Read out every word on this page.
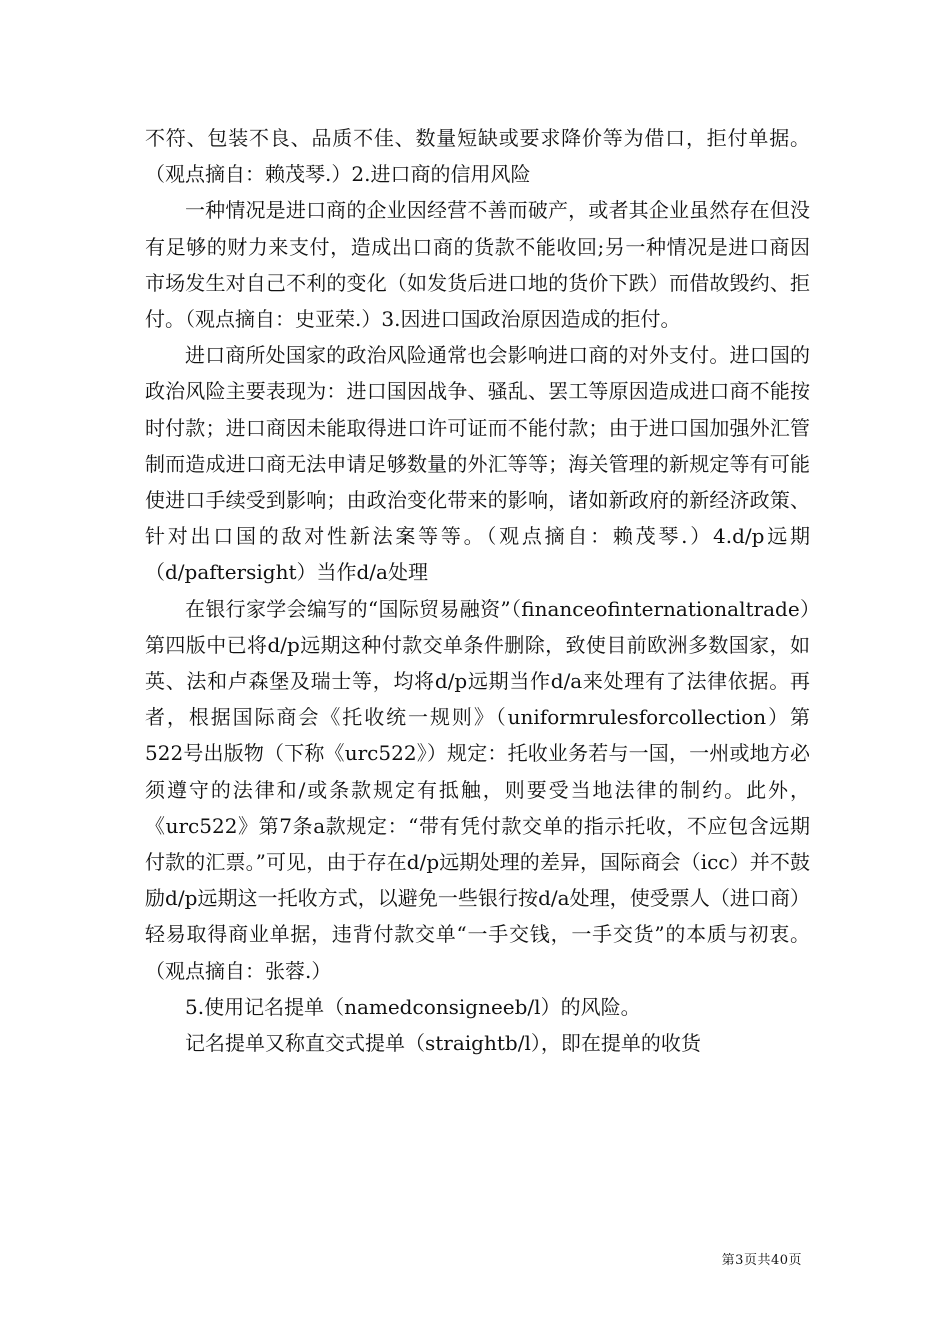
不符、包装不良、品质不佳、数量短缺或要求降价等为借口，拒付单据。（观点摘自：赖茂琴.）2.进口商的信用风险

一种情况是进口商的企业因经营不善而破产，或者其企业虽然存在但没有足够的财力来支付，造成出口商的货款不能收回;另一种情况是进口商因市场发生对自己不利的变化（如发货后进口地的货价下跌）而借故毁约、拒付。（观点摘自：史亚荣.）3.因进口国政治原因造成的拒付。

进口商所处国家的政治风险通常也会影响进口商的对外支付。进口国的政治风险主要表现为：进口国因战争、骚乱、罢工等原因造成进口商不能按时付款；进口商因未能取得进口许可证而不能付款；由于进口国加强外汇管制而造成进口商无法申请足够数量的外汇等等；海关管理的新规定等有可能使进口手续受到影响；由政治变化带来的影响，诸如新政府的新经济政策、针对出口国的敌对性新法案等等。（观点摘自：赖茂琴.）4.d/p远期（d/paftersight）当作d/a处理

在银行家学会编写的“国际贸易融资”（financeofinternationaltrade）第四版中已将d/p远期这种付款交单条件删除，致使目前欧洲多数国家，如英、法和卢森堡及瑞士等，均将d/p远期当作d/a来处理有了法律依据。再者，根据国际商会《托收统一规则》（uniformrulesforcollection）第522号出版物（下称《urc522》）规定：托收业务若与一国，一州或地方必须遵守的法律和/或条款规定有抵触，则要受当地法律的制约。此外，《urc522》第7条a款规定：“带有凭付款交单的指示托收，不应包含远期付款的汇票。”可见，由于存在d/p远期处理的差异，国际商会（icc）并不鼓励d/p远期这一托收方式，以避免一些银行按d/a处理，使受票人（进口商）轻易取得商业单据，违背付款交单“一手交钱，一手交货”的本质与初衷。（观点摘自：张蓉.）

5.使用记名提单（namedconsigneeb/l）的风险。

记名提单又称直交式提单（straightb/l），即在提单的收货

第3页共40页
